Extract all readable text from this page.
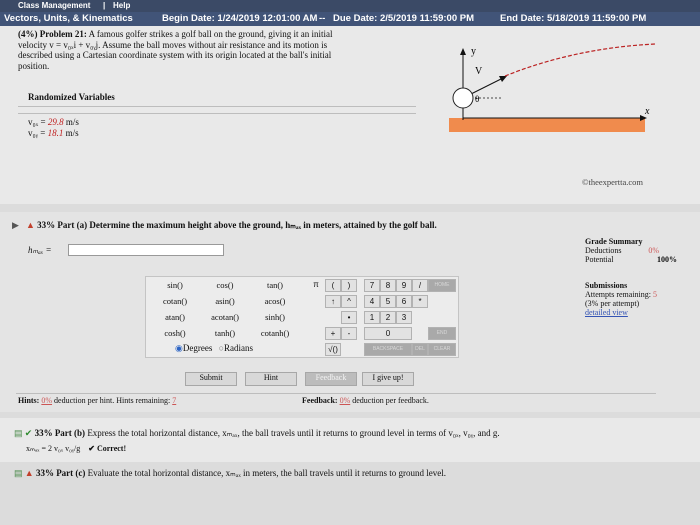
Class Management | Help
Vectors, Units, & Kinematics	Begin Date: 1/24/2019 12:01:00 AM -- Due Date: 2/5/2019 11:59:00 PM	End Date: 5/18/2019 11:59:00 PM
(4%) Problem 21: A famous golfer strikes a golf ball on the ground, giving it an initial
velocity v = v₀ₓi + v₀ᵧj. Assume the ball moves without air resistance and its motion is
described using a Cartesian coordinate system with its origin located at the ball's initial
position.
Randomized Variables
v₀ₓ = 29.8 m/s
v₀ᵧ = 18.1 m/s
y
x
V
θ
©theexpertta.com
▲ 33% Part (a) Determine the maximum height above the ground, hₘₐₓ in meters, attained by the golf ball.
▶
hₘₐₓ =
Grade Summary
Deductions	0%
Potential	100%
Submissions
Attempts remaining: 5
(3% per attempt)
detailed view
sin()	cos()	tan()
cotan()	asin()	acos()
atan()	acotan()	sinh()
cosh()	tanh()	cotanh()
◉Degrees ○Radians
π	(	)
↑	^
•
+	-
√()
7	8	9
4	5	6
1	2	3
0
/	HOME
*
END
BACKSPACE	DEL	CLEAR
Submit	Hint	Feedback	I give up!
Hints: 0% deduction per hint. Hints remaining: 7	Feedback: 0% deduction per feedback.
▤ ✔ 33% Part (b) Express the total horizontal distance, xₘₐₓ, the ball travels until it returns to ground level in terms of v₀ₓ, v₀ᵧ, and g.
xₘₐₓ = 2 v₀ₓ v₀ᵧ/g ✔ Correct!
▤ ▲ 33% Part (c) Evaluate the total horizontal distance, xₘₐₓ in meters, the ball travels until it returns to ground level.
